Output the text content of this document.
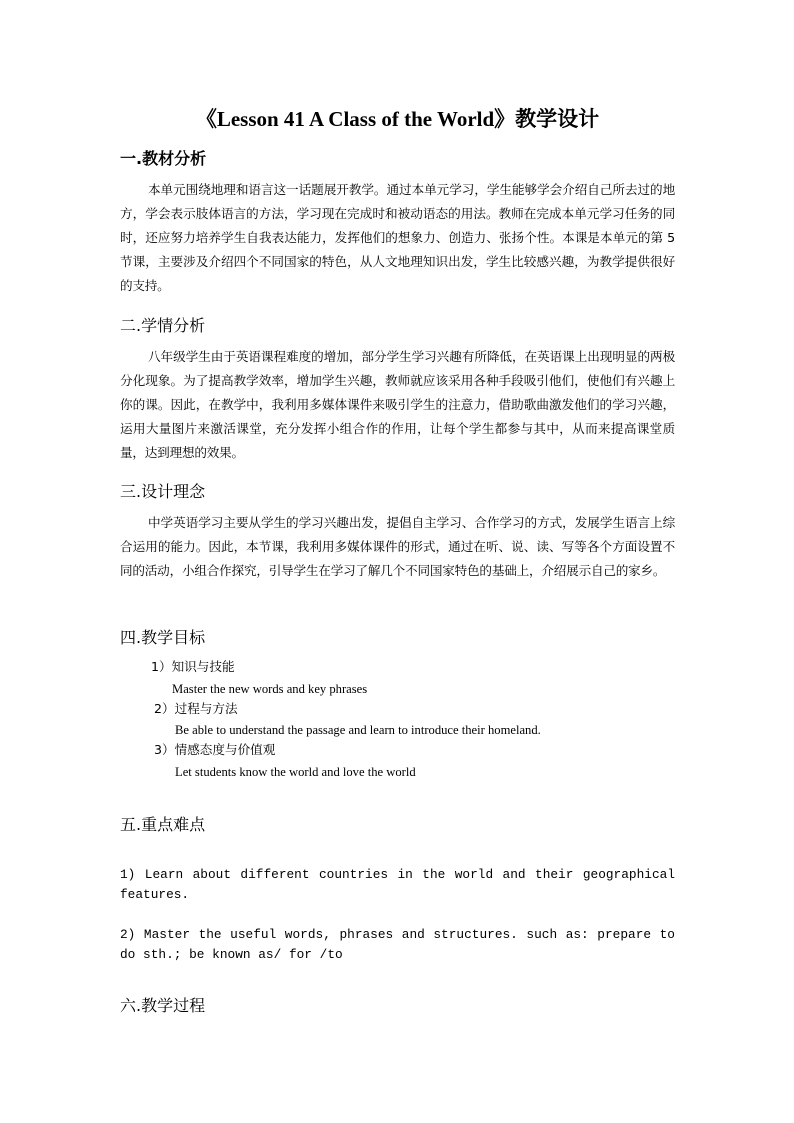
《Lesson 41 A Class of the World》教学设计
一.教材分析
本单元围绕地理和语言这一话题展开教学。通过本单元学习，学生能够学会介绍自己所去过的地方，学会表示肢体语言的方法，学习现在完成时和被动语态的用法。教师在完成本单元学习任务的同时，还应努力培养学生自我表达能力，发挥他们的想象力、创造力、张扬个性。本课是本单元的第 5 节课，主要涉及介绍四个不同国家的特色，从人文地理知识出发，学生比较感兴趣，为教学提供很好的支持。
二.学情分析
八年级学生由于英语课程难度的增加，部分学生学习兴趣有所降低，在英语课上出现明显的两极分化现象。为了提高教学效率，增加学生兴趣，教师就应该采用各种手段吸引他们，使他们有兴趣上你的课。因此，在教学中，我利用多媒体课件来吸引学生的注意力，借助歌曲激发他们的学习兴趣，运用大量图片来激活课堂，充分发挥小组合作的作用，让每个学生都参与其中，从而来提高课堂质量，达到理想的效果。
三.设计理念
中学英语学习主要从学生的学习兴趣出发，提倡自主学习、合作学习的方式，发展学生语言上综合运用的能力。因此，本节课，我利用多媒体课件的形式，通过在听、说、读、写等各个方面设置不同的活动，小组合作探究，引导学生在学习了解几个不同国家特色的基础上，介绍展示自己的家乡。
四.教学目标
1）知识与技能
Master the new words and key phrases
2）过程与方法
Be able to understand the passage and learn to introduce their homeland.
3）情感态度与价值观
Let students know the world and love the world
五.重点难点
1) Learn about different countries in the world and their geographical features.
2) Master the useful words, phrases and structures. such as: prepare to do sth.; be known as/ for /to
六.教学过程
